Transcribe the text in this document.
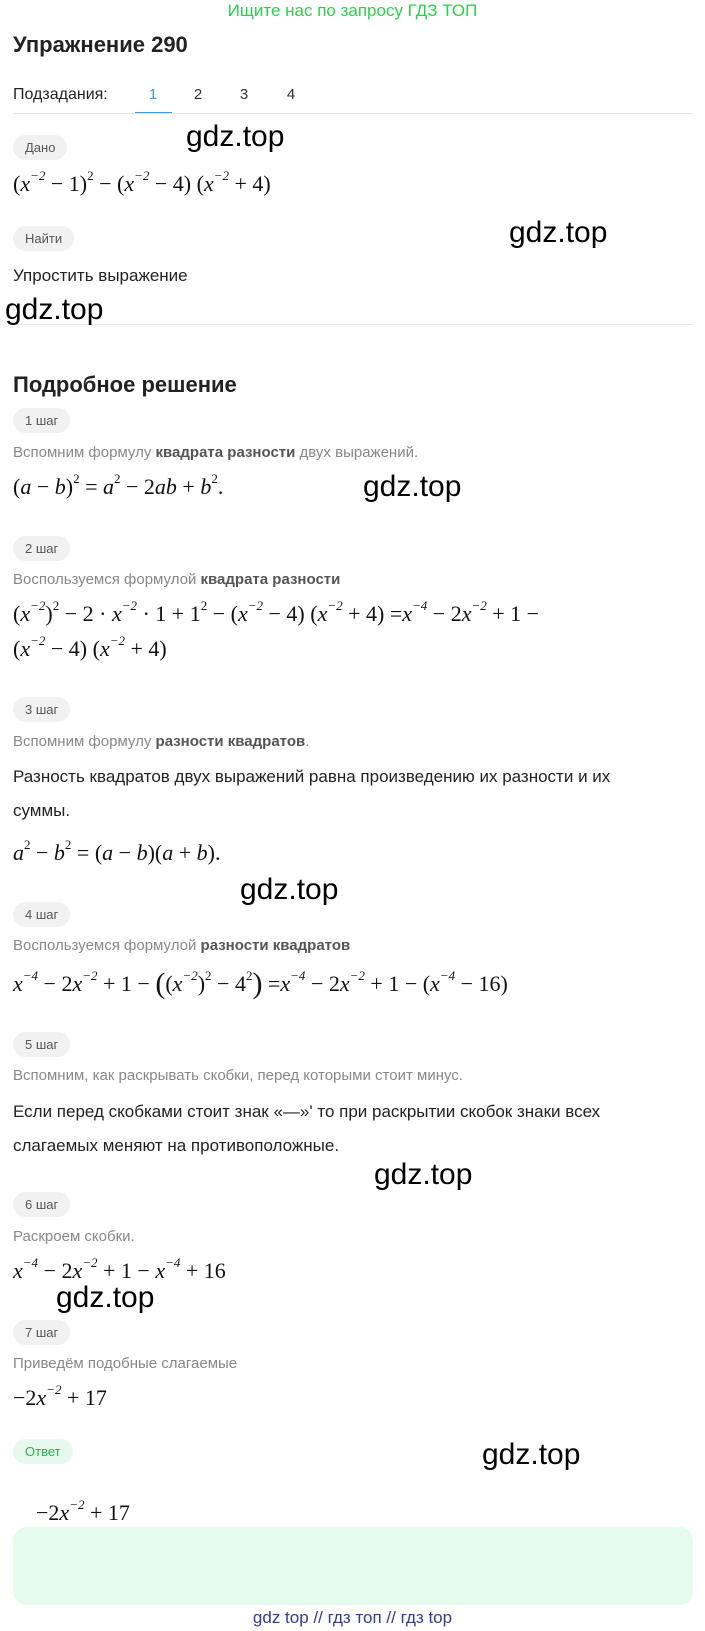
Ищите нас по запросу ГДЗ ТОП
Упражнение 290
Подзадания:	1	2	3	4
Дано
$(x^{-2} - 1)^2 - (x^{-2} - 4) (x^{-2} + 4)$
Найти
Упростить выражение
Подробное решение
1 шаг
Вспомним формулу квадрата разности двух выражений.
$(a - b)^2 = a^2 - 2ab + b^2$.
2 шаг
Воспользуемся формулой квадрата разности
$(x^{-2})^2 - 2 \cdot x^{-2} \cdot 1 + 1^2 - (x^{-2} - 4) (x^{-2} + 4) =x^{-4} - 2x^{-2} + 1$ −
$(x^{-2} - 4) (x^{-2} + 4)$
3 шаг
Вспомним формулу разности квадратов.
Разность квадратов двух выражений равна произведению их разности и их
суммы.
$a^2 - b^2 = (a - b)(a + b)$.
4 шаг
Воспользуемся формулой разности квадратов
$x^{-4} - 2x^{-2} + 1 - ((x^{-2})^2 - 4^2) =x^{-4} - 2x^{-2} + 1 - (x^{-4} - 16)$
5 шаг
Вспомним, как раскрывать скобки, перед которыми стоит минус.
Если перед скобками стоит знак «—»' то при раскрытии скобок знаки всех
слагаемых меняют на противоположные.
6 шаг
Раскроем скобки.
$x^{-4} - 2x^{-2} + 1 - x^{-4} + 16$
7 шаг
Приведём подобные слагаемые
$-2x^{-2} + 17$
Ответ
$-2x^{-2} + 17$
gdz.top
gdz.top
gdz.top
gdz.top
gdz.top
gdz.top
gdz.top
gdz.top
gdz top // гдз топ // гдз top
